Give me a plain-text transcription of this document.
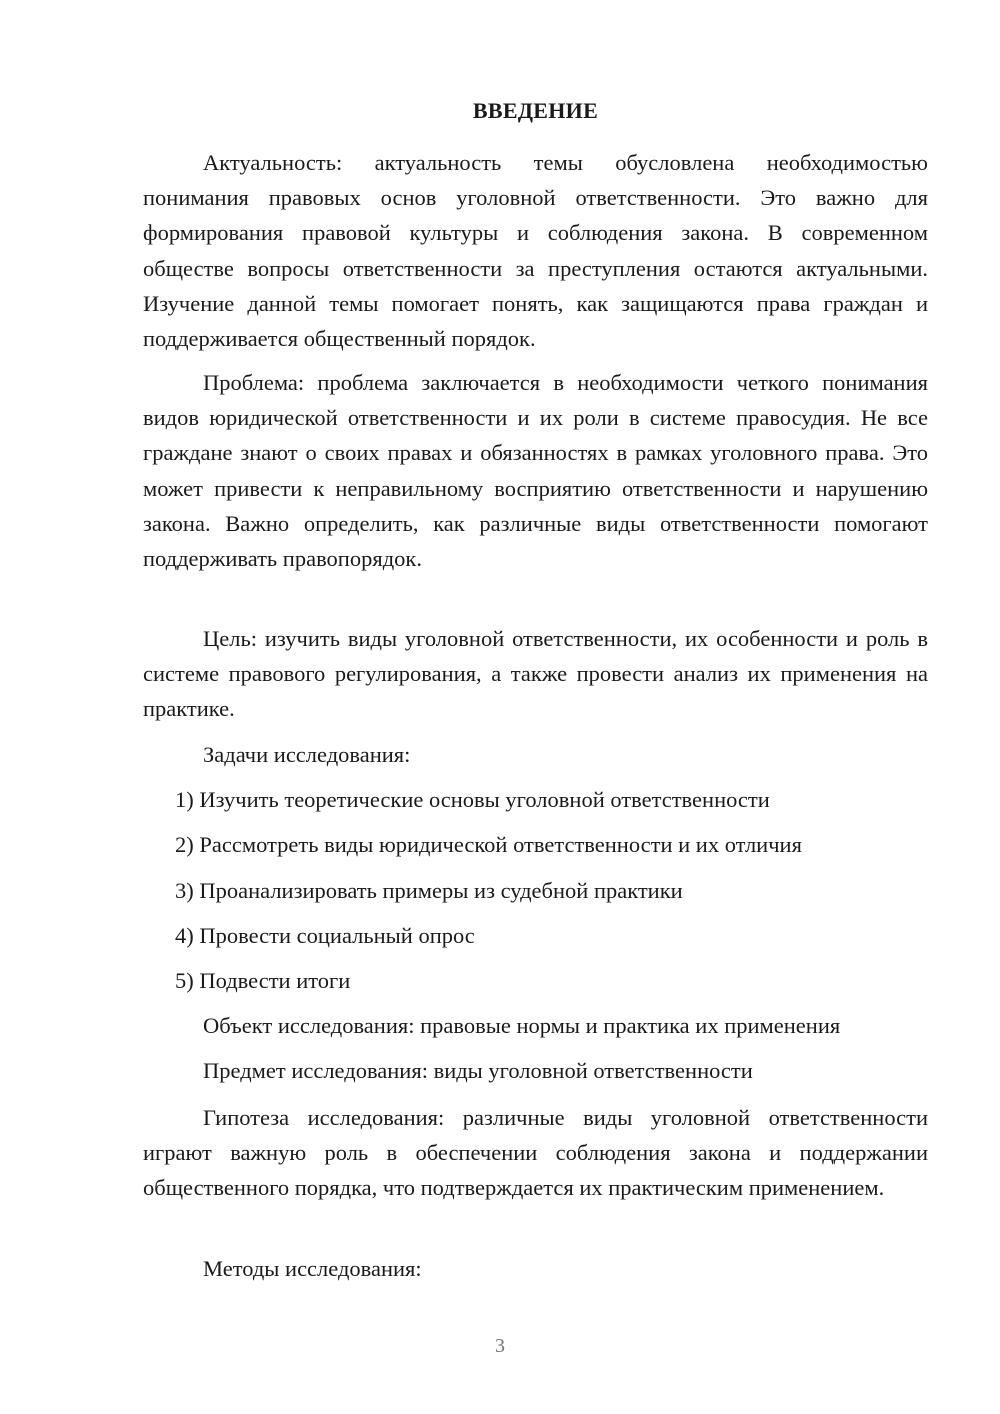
ВВЕДЕНИЕ

Актуальность: актуальность темы обусловлена необходимостью понимания правовых основ уголовной ответственности. Это важно для формирования правовой культуры и соблюдения закона. В современном обществе вопросы ответственности за преступления остаются актуальными. Изучение данной темы помогает понять, как защищаются права граждан и поддерживается общественный порядок.

Проблема: проблема заключается в необходимости четкого понимания видов юридической ответственности и их роли в системе правосудия. Не все граждане знают о своих правах и обязанностях в рамках уголовного права. Это может привести к неправильному восприятию ответственности и нарушению закона. Важно определить, как различные виды ответственности помогают поддерживать правопорядок.

Цель: изучить виды уголовной ответственности, их особенности и роль в системе правового регулирования, а также провести анализ их применения на практике.

Задачи исследования:

1) Изучить теоретические основы уголовной ответственности

2) Рассмотреть виды юридической ответственности и их отличия

3) Проанализировать примеры из судебной практики

4) Провести социальный опрос

5) Подвести итоги

Объект исследования: правовые нормы и практика их применения

Предмет исследования: виды уголовной ответственности

Гипотеза исследования: различные виды уголовной ответственности играют важную роль в обеспечении соблюдения закона и поддержании общественного порядка, что подтверждается их практическим применением.

Методы исследования:

3
